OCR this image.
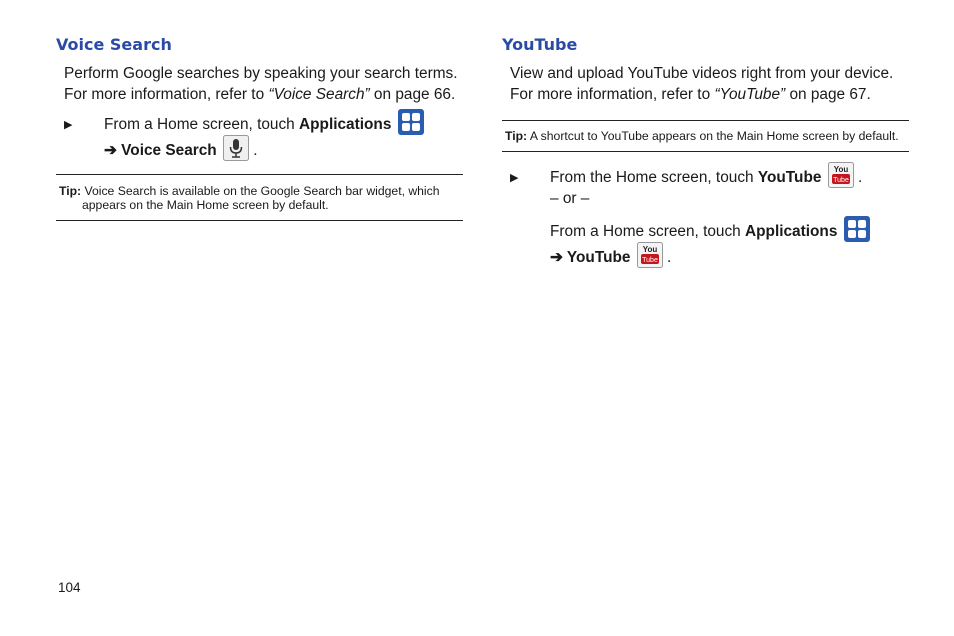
Voice Search

Perform Google searches by speaking your search terms. For more information, refer to “Voice Search” on page 66.

▶ From a Home screen, touch Applications
➔ Voice Search .
Tip: Voice Search is available on the Google Search bar widget, which
appears on the Main Home screen by default.
YouTube

View and upload YouTube videos right from your device. For more information, refer to “YouTube” on page 67.

Tip: A shortcut to YouTube appears on the Main Home screen by default.
▶ From the Home screen, touch YouTube You
Tube .
– or –
From a Home screen, touch Applications
➔ YouTube You
Tube .
104
